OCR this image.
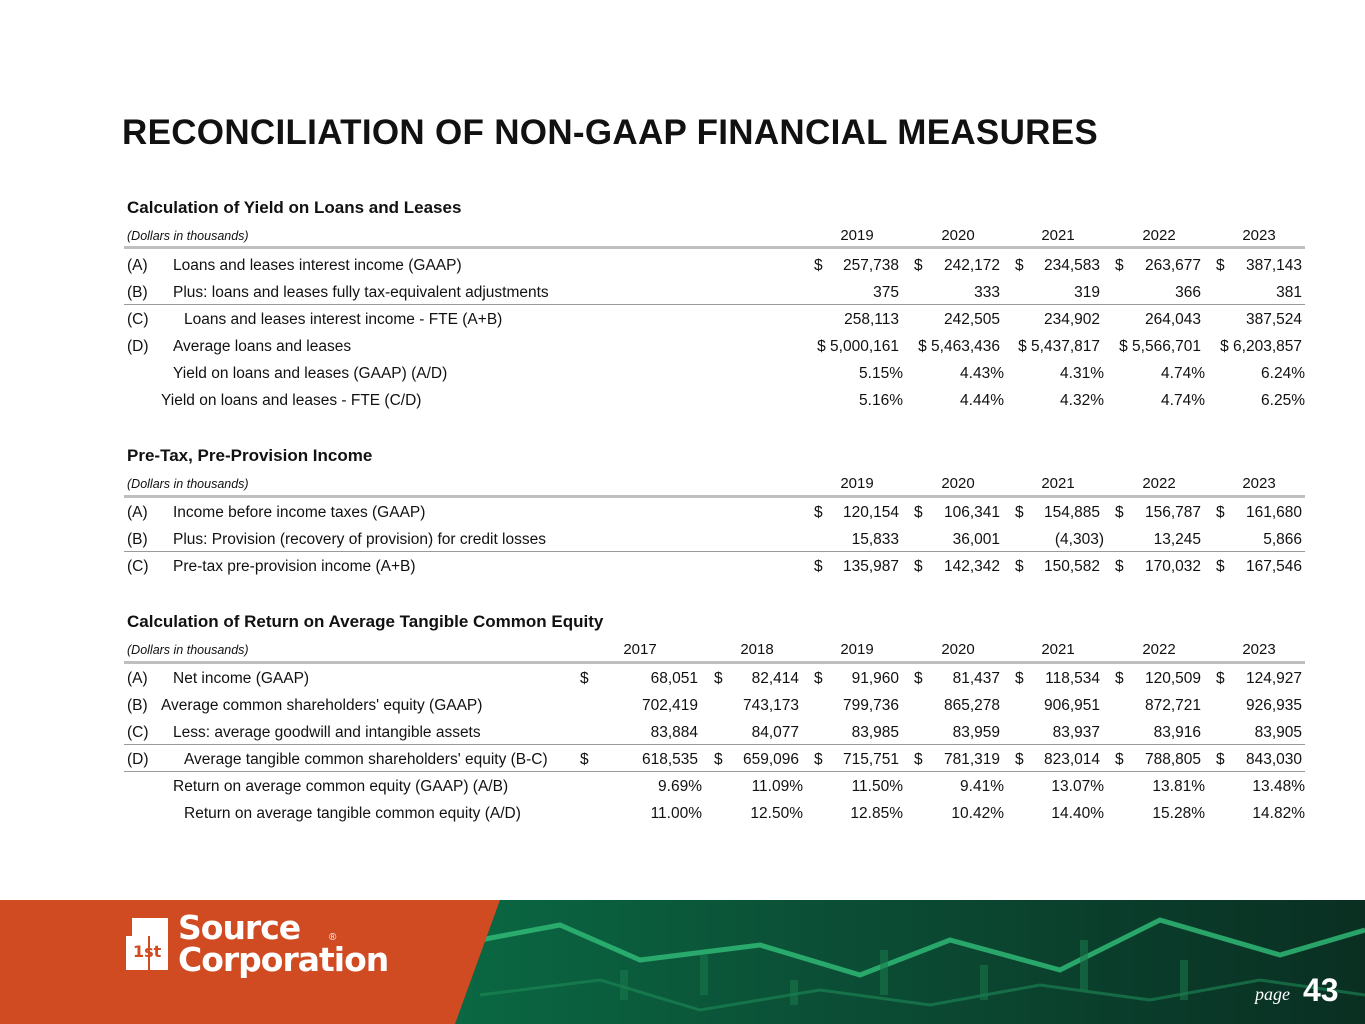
RECONCILIATION OF NON-GAAP FINANCIAL MEASURES
Calculation of Yield on Loans and Leases
(Dollars in thousands)	2019	2020	2021	2022	2023
(A) Loans and leases interest income (GAAP)	$ 257,738 $ 242,172 $ 234,583 $ 263,677 $ 387,143
(B) Plus: loans and leases fully tax-equivalent adjustments	375	333	319	366	381
(C) Loans and leases interest income - FTE (A+B)	258,113	242,505	234,902	264,043	387,524
(D) Average loans and leases	$ 5,000,161 $ 5,463,436 $ 5,437,817 $ 5,566,701 $ 6,203,857
Yield on loans and leases (GAAP) (A/D)	5.15%	4.43%	4.31%	4.74%	6.24%
Yield on loans and leases - FTE (C/D)	5.16%	4.44%	4.32%	4.74%	6.25%
Pre-Tax, Pre-Provision Income
(Dollars in thousands)	2019	2020	2021	2022	2023
(A) Income before income taxes (GAAP)	$ 120,154 $ 106,341 $ 154,885 $ 156,787 $ 161,680
(B) Plus: Provision (recovery of provision) for credit losses	15,833	36,001	(4,303)	13,245	5,866
(C) Pre-tax pre-provision income (A+B)	$ 135,987 $ 142,342 $ 150,582 $ 170,032 $ 167,546
Calculation of Return on Average Tangible Common Equity
(Dollars in thousands)	2017	2018	2019	2020	2021	2022	2023
(A) Net income (GAAP)	$	68,051 $ 82,414 $ 91,960 $ 81,437 $ 118,534 $ 120,509 $ 124,927
(B) Average common shareholders' equity (GAAP)	702,419	743,173	799,736	865,278	906,951	872,721	926,935
(C) Less: average goodwill and intangible assets	83,884	84,077	83,985	83,959	83,937	83,916	83,905
(D) Average tangible common shareholders' equity (B-C) $	618,535 $ 659,096 $ 715,751 $ 781,319 $ 823,014 $ 788,805 $ 843,030
Return on average common equity (GAAP) (A/B)	9.69%	11.09%	11.50%	9.41%	13.07%	13.81%	13.48%
Return on average tangible common equity (A/D)	11.00%	12.50%	12.85%	10.42%	14.40%	15.28%	14.82%
1st
Source	®
Corporation
page 43
